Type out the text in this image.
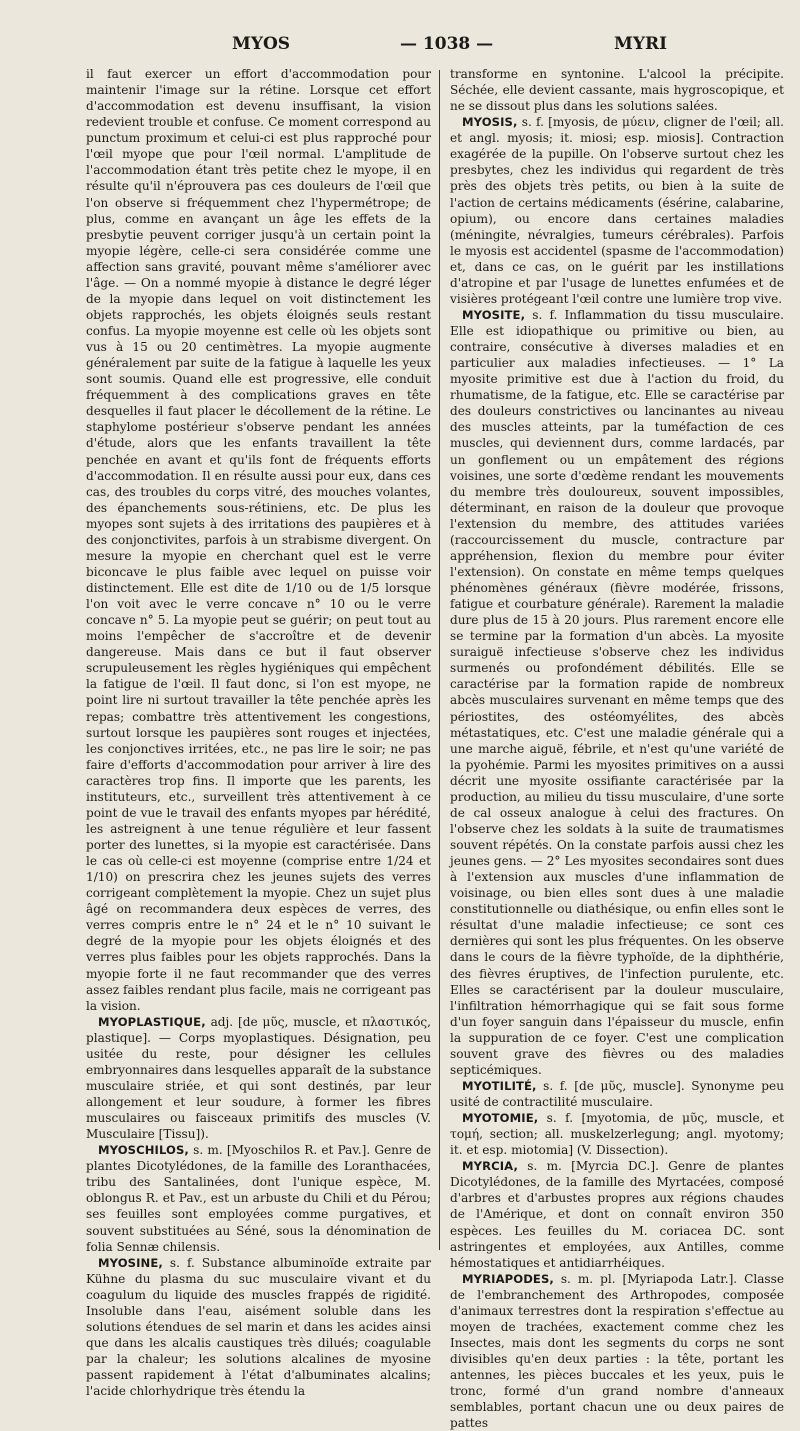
MYOS	— 1038 —	MYRI

il faut exercer un effort d'accommodation pour maintenir l'image sur la rétine. Lorsque cet effort d'accommodation est devenu insuffisant, la vision redevient trouble et confuse. Ce moment correspond au punctum proximum et celui-ci est plus rapproché pour l'œil myope que pour l'œil normal. L'amplitude de l'accommodation étant très petite chez le myope, il en résulte qu'il n'éprouvera pas ces douleurs de l'œil que l'on observe si fréquemment chez l'hypermétrope; de plus, comme en avançant un âge les effets de la presbytie peuvent corriger jusqu'à un certain point la myopie légère, celle-ci sera considérée comme une affection sans gravité, pouvant même s'améliorer avec l'âge. — On a nommé myopie à distance le degré léger de la myopie dans lequel on voit distinctement les objets rapprochés, les objets éloignés seuls restant confus. La myopie moyenne est celle où les objets sont vus à 15 ou 20 centimètres. La myopie augmente généralement par suite de la fatigue à laquelle les yeux sont soumis. Quand elle est progressive, elle conduit fréquemment à des complications graves en tête desquelles il faut placer le décollement de la rétine. Le staphylome postérieur s'observe pendant les années d'étude, alors que les enfants travaillent la tête penchée en avant et qu'ils font de fréquents efforts d'accommodation. Il en résulte aussi pour eux, dans ces cas, des troubles du corps vitré, des mouches volantes, des épanchements sous-rétiniens, etc. De plus les myopes sont sujets à des irritations des paupières et à des conjonctivites, parfois à un strabisme divergent. On mesure la myopie en cherchant quel est le verre biconcave le plus faible avec lequel on puisse voir distinctement. Elle est dite de 1/10 ou de 1/5 lorsque l'on voit avec le verre concave n° 10 ou le verre concave n° 5. La myopie peut se guérir; on peut tout au moins l'empêcher de s'accroître et de devenir dangereuse. Mais dans ce but il faut observer scrupuleusement les règles hygiéniques qui empêchent la fatigue de l'œil. Il faut donc, si l'on est myope, ne point lire ni surtout travailler la tête penchée après les repas; combattre très attentivement les congestions, surtout lorsque les paupières sont rouges et injectées, les conjonctives irritées, etc., ne pas lire le soir; ne pas faire d'efforts d'accommodation pour arriver à lire des caractères trop fins. Il importe que les parents, les instituteurs, etc., surveillent très attentivement à ce point de vue le travail des enfants myopes par hérédité, les astreignent à une tenue régulière et leur fassent porter des lunettes, si la myopie est caractérisée. Dans le cas où celle-ci est moyenne (comprise entre 1/24 et 1/10) on prescrira chez les jeunes sujets des verres corrigeant complètement la myopie. Chez un sujet plus âgé on recommandera deux espèces de verres, des verres compris entre le n° 24 et le n° 10 suivant le degré de la myopie pour les objets éloignés et des verres plus faibles pour les objets rapprochés. Dans la myopie forte il ne faut recommander que des verres assez faibles rendant plus facile, mais ne corrigeant pas la vision.

MYOPLASTIQUE, adj. [de μῦς, muscle, et πλαστικός, plastique]. — Corps myoplastiques. Désignation, peu usitée du reste, pour désigner les cellules embryonnaires dans lesquelles apparaît de la substance musculaire striée, et qui sont destinés, par leur allongement et leur soudure, à former les fibres musculaires ou faisceaux primitifs des muscles (V. Musculaire [Tissu]).

MYOSCHILOS, s. m. [Myoschilos R. et Pav.]. Genre de plantes Dicotylédones, de la famille des Loranthacées, tribu des Santalinées, dont l'unique espèce, M. oblongus R. et Pav., est un arbuste du Chili et du Pérou; ses feuilles sont employées comme purgatives, et souvent substituées au Séné, sous la dénomination de folia Sennæ chilensis.

MYOSINE, s. f. Substance albuminoïde extraite par Kühne du plasma du suc musculaire vivant et du coagulum du liquide des muscles frappés de rigidité. Insoluble dans l'eau, aisément soluble dans les solutions étendues de sel marin et dans les acides ainsi que dans les alcalis caustiques très dilués; coagulable par la chaleur; les solutions alcalines de myosine passent rapidement à l'état d'albuminates alcalins; l'acide chlorhydrique très étendu la

transforme en syntonine. L'alcool la précipite. Séchée, elle devient cassante, mais hygroscopique, et ne se dissout plus dans les solutions salées.

MYOSIS, s. f. [myosis, de μύειν, cligner de l'œil; all. et angl. myosis; it. miosi; esp. miosis]. Contraction exagérée de la pupille. On l'observe surtout chez les presbytes, chez les individus qui regardent de très près des objets très petits, ou bien à la suite de l'action de certains médicaments (ésérine, calabarine, opium), ou encore dans certaines maladies (méningite, névralgies, tumeurs cérébrales). Parfois le myosis est accidentel (spasme de l'accommodation) et, dans ce cas, on le guérit par les instillations d'atropine et par l'usage de lunettes enfumées et de visières protégeant l'œil contre une lumière trop vive.

MYOSITE, s. f. Inflammation du tissu musculaire. Elle est idiopathique ou primitive ou bien, au contraire, consécutive à diverses maladies et en particulier aux maladies infectieuses. — 1° La myosite primitive est due à l'action du froid, du rhumatisme, de la fatigue, etc. Elle se caractérise par des douleurs constrictives ou lancinantes au niveau des muscles atteints, par la tuméfaction de ces muscles, qui deviennent durs, comme lardacés, par un gonflement ou un empâtement des régions voisines, une sorte d'œdème rendant les mouvements du membre très douloureux, souvent impossibles, déterminant, en raison de la douleur que provoque l'extension du membre, des attitudes variées (raccourcissement du muscle, contracture par appréhension, flexion du membre pour éviter l'extension). On constate en même temps quelques phénomènes généraux (fièvre modérée, frissons, fatigue et courbature générale). Rarement la maladie dure plus de 15 à 20 jours. Plus rarement encore elle se termine par la formation d'un abcès. La myosite suraiguë infectieuse s'observe chez les individus surmenés ou profondément débilités. Elle se caractérise par la formation rapide de nombreux abcès musculaires survenant en même temps que des périostites, des ostéomyélites, des abcès métastatiques, etc. C'est une maladie générale qui a une marche aiguë, fébrile, et n'est qu'une variété de la pyohémie. Parmi les myosites primitives on a aussi décrit une myosite ossifiante caractérisée par la production, au milieu du tissu musculaire, d'une sorte de cal osseux analogue à celui des fractures. On l'observe chez les soldats à la suite de traumatismes souvent répétés. On la constate parfois aussi chez les jeunes gens. — 2° Les myosites secondaires sont dues à l'extension aux muscles d'une inflammation de voisinage, ou bien elles sont dues à une maladie constitutionnelle ou diathésique, ou enfin elles sont le résultat d'une maladie infectieuse; ce sont ces dernières qui sont les plus fréquentes. On les observe dans le cours de la fièvre typhoïde, de la diphthérie, des fièvres éruptives, de l'infection purulente, etc. Elles se caractérisent par la douleur musculaire, l'infiltration hémorrhagique qui se fait sous forme d'un foyer sanguin dans l'épaisseur du muscle, enfin la suppuration de ce foyer. C'est une complication souvent grave des fièvres ou des maladies septicémiques.

MYOTILITÉ, s. f. [de μῦς, muscle]. Synonyme peu usité de contractilité musculaire.

MYOTOMIE, s. f. [myotomia, de μῦς, muscle, et τομή, section; all. muskelzerlegung; angl. myotomy; it. et esp. miotomia] (V. Dissection).

MYRCIA, s. m. [Myrcia DC.]. Genre de plantes Dicotylédones, de la famille des Myrtacées, composé d'arbres et d'arbustes propres aux régions chaudes de l'Amérique, et dont on connaît environ 350 espèces. Les feuilles du M. coriacea DC. sont astringentes et employées, aux Antilles, comme hémostatiques et antidiarrhéiques.

MYRIAPODES, s. m. pl. [Myriapoda Latr.]. Classe de l'embranchement des Arthropodes, composée d'animaux terrestres dont la respiration s'effectue au moyen de trachées, exactement comme chez les Insectes, mais dont les segments du corps ne sont divisibles qu'en deux parties : la tête, portant les antennes, les pièces buccales et les yeux, puis le tronc, formé d'un grand nombre d'anneaux semblables, portant chacun une ou deux paires de pattes
